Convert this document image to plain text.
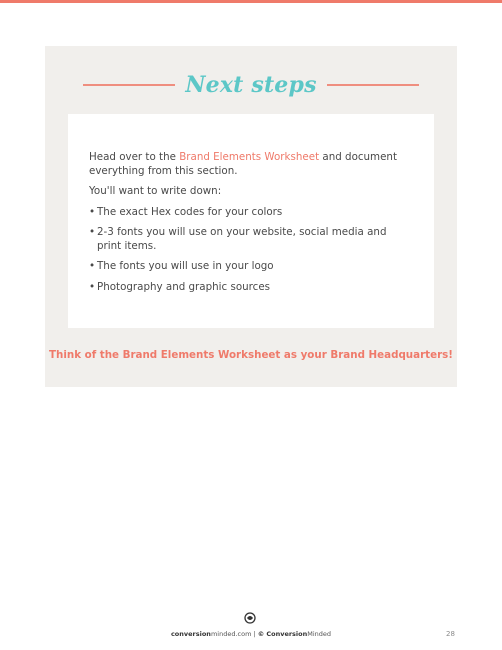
Next steps

Head over to the Brand Elements Worksheet and document everything from this section.

You'll want to write down:

• The exact Hex codes for your colors
• 2-3 fonts you will use on your website, social media and print items.
• The fonts you will use in your logo
• Photography and graphic sources
Think of the Brand Elements Worksheet as your Brand Headquarters!
conversionminded.com | © ConversionMinded	28
